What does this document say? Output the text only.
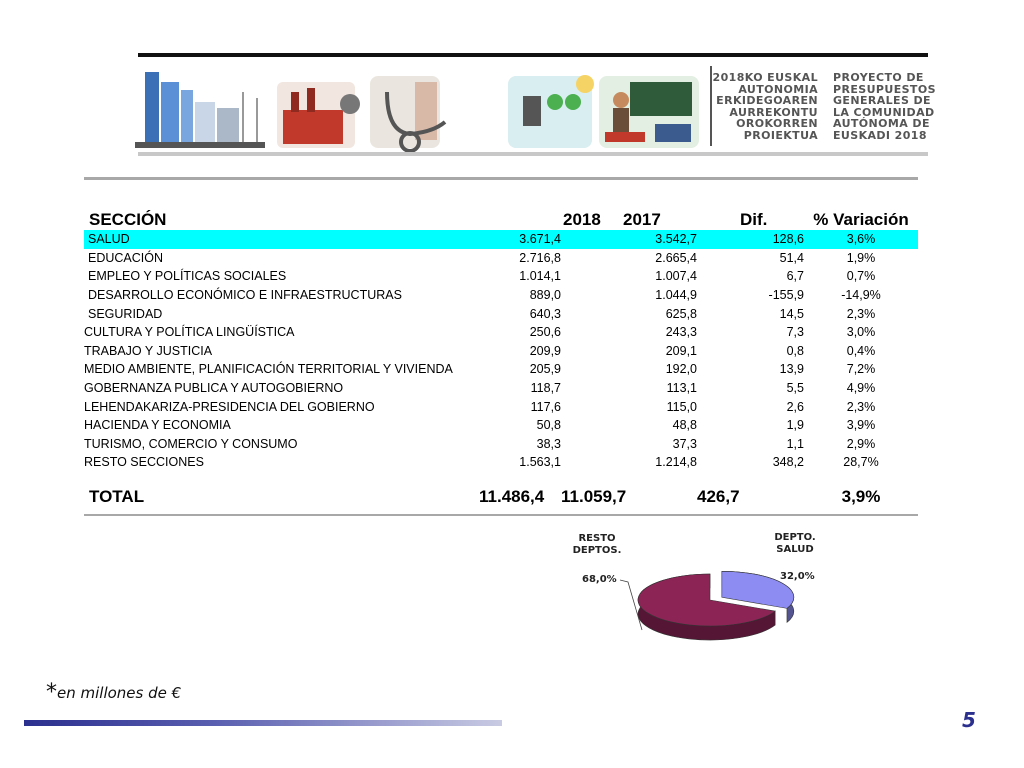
2018KO EUSKAL
AUTONOMIA
ERKIDEGOAREN
AURREKONTU
OROKORREN
PROIEKTUA
PROYECTO DE
PRESUPUESTOS
GENERALES DE
LA COMUNIDAD
AUTÓNOMA DE
EUSKADI 2018
SECCIÓN	2018	2017	Dif.	% Variación
SALUD	3.671,4	3.542,7	128,6	3,6%
EDUCACIÓN	2.716,8	2.665,4	51,4	1,9%
EMPLEO Y POLÍTICAS SOCIALES	1.014,1	1.007,4	6,7	0,7%
DESARROLLO ECONÓMICO E INFRAESTRUCTURAS	889,0	1.044,9	-155,9	-14,9%
SEGURIDAD	640,3	625,8	14,5	2,3%
CULTURA Y POLÍTICA LINGÜÍSTICA	250,6	243,3	7,3	3,0%
TRABAJO Y JUSTICIA	209,9	209,1	0,8	0,4%
MEDIO AMBIENTE, PLANIFICACIÓN TERRITORIAL Y VIVIENDA	205,9	192,0	13,9	7,2%
GOBERNANZA PUBLICA Y AUTOGOBIERNO	118,7	113,1	5,5	4,9%
LEHENDAKARIZA-PRESIDENCIA DEL GOBIERNO	117,6	115,0	2,6	2,3%
HACIENDA Y ECONOMIA	50,8	48,8	1,9	3,9%
TURISMO, COMERCIO Y CONSUMO	38,3	37,3	1,1	2,9%
RESTO SECCIONES	1.563,1	1.214,8	348,2	28,7%
TOTAL	11.486,4	11.059,7	426,7	3,9%
RESTO
DEPTOS.
68,0%
DEPTO.
SALUD
32,0%
*en millones de €
5
